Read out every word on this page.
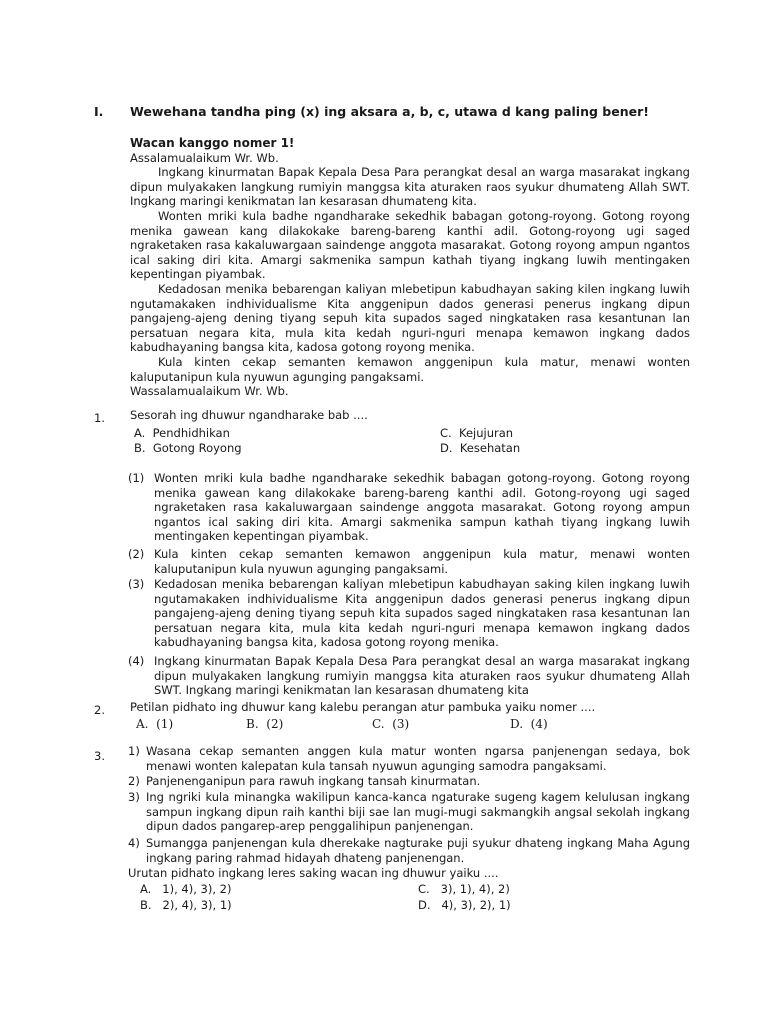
I. Wewehana tandha ping (x) ing aksara a, b, c, utawa d kang paling bener!
Wacan kanggo nomer 1!
Assalamualaikum Wr. Wb.
Ingkang kinurmatan Bapak Kepala Desa Para perangkat desal an warga masarakat ingkang dipun mulyakaken langkung rumiyin manggsa kita aturaken raos syukur dhumateng Allah SWT. Ingkang maringi kenikmatan lan kesarasan dhumateng kita.
Wonten mriki kula badhe ngandharake sekedhik babagan gotong-royong. Gotong royong menika gawean kang dilakokake bareng-bareng kanthi adil. Gotong-royong ugi saged ngraketaken rasa kakaluwargaan saindenge anggota masarakat. Gotong royong ampun ngantos ical saking diri kita. Amargi sakmenika sampun kathah tiyang ingkang luwih mentingaken kepentingan piyambak.
Kedadosan menika bebarengan kaliyan mlebetipun kabudhayan saking kilen ingkang luwih ngutamakaken indhividualisme Kita anggenipun dados generasi penerus ingkang dipun pangajeng-ajeng dening tiyang sepuh kita supados saged ningkataken rasa kesantunan lan persatuan negara kita, mula kita kedah nguri-nguri menapa kemawon ingkang dados kabudhayaning bangsa kita, kadosa gotong royong menika.
Kula kinten cekap semanten kemawon anggenipun kula matur, menawi wonten kaluputanipun kula nyuwun agunging pangaksami.
Wassalamualaikum Wr. Wb.
1. Sesorah ing dhuwur ngandharake bab ....
A. Pendhidhikan
B. Gotong Royong
C. Kejujuran
D. Kesehatan
(1) Wonten mriki kula badhe ngandharake sekedhik babagan gotong-royong. Gotong royong menika gawean kang dilakokake bareng-bareng kanthi adil. Gotong-royong ugi saged ngraketaken rasa kakaluwargaan saindenge anggota masarakat. Gotong royong ampun ngantos ical saking diri kita. Amargi sakmenika sampun kathah tiyang ingkang luwih mentingaken kepentingan piyambak.
(2) Kula kinten cekap semanten kemawon anggenipun kula matur, menawi wonten kaluputanipun kula nyuwun agunging pangaksami.
(3) Kedadosan menika bebarengan kaliyan mlebetipun kabudhayan saking kilen ingkang luwih ngutamakaken indhividualisme Kita anggenipun dados generasi penerus ingkang dipun pangajeng-ajeng dening tiyang sepuh kita supados saged ningkataken rasa kesantunan lan persatuan negara kita, mula kita kedah nguri-nguri menapa kemawon ingkang dados kabudhayaning bangsa kita, kadosa gotong royong menika.
(4) Ingkang kinurmatan Bapak Kepala Desa Para perangkat desal an warga masarakat ingkang dipun mulyakaken langkung rumiyin manggsa kita aturaken raos syukur dhumateng Allah SWT. Ingkang maringi kenikmatan lan kesarasan dhumateng kita
2. Petilan pidhato ing dhuwur kang kalebu perangan atur pambuka yaiku nomer ....
A. (1)	B. (2)	C. (3)	D. (4)
3. 1) Wasana cekap semanten anggen kula matur wonten ngarsa panjenengan sedaya, bok menawi wonten kalepatan kula tansah nyuwun agunging samodra pangaksami.
2) Panjenenganipun para rawuh ingkang tansah kinurmatan.
3) Ing ngriki kula minangka wakilipun kanca-kanca ngaturake sugeng kagem kelulusan ingkang sampun ingkang dipun raih kanthi biji sae lan mugi-mugi sakmangkih angsal sekolah ingkang dipun dados pangarep-arep penggalihipun panjenengan.
4) Sumangga panjenengan kula dherekake nagturake puji syukur dhateng ingkang Maha Agung ingkang paring rahmad hidayah dhateng panjenengan.
Urutan pidhato ingkang leres saking wacan ing dhuwur yaiku ....
A. 1), 4), 3), 2)
B. 2), 4), 3), 1)
C. 3), 1), 4), 2)
D. 4), 3), 2), 1)
